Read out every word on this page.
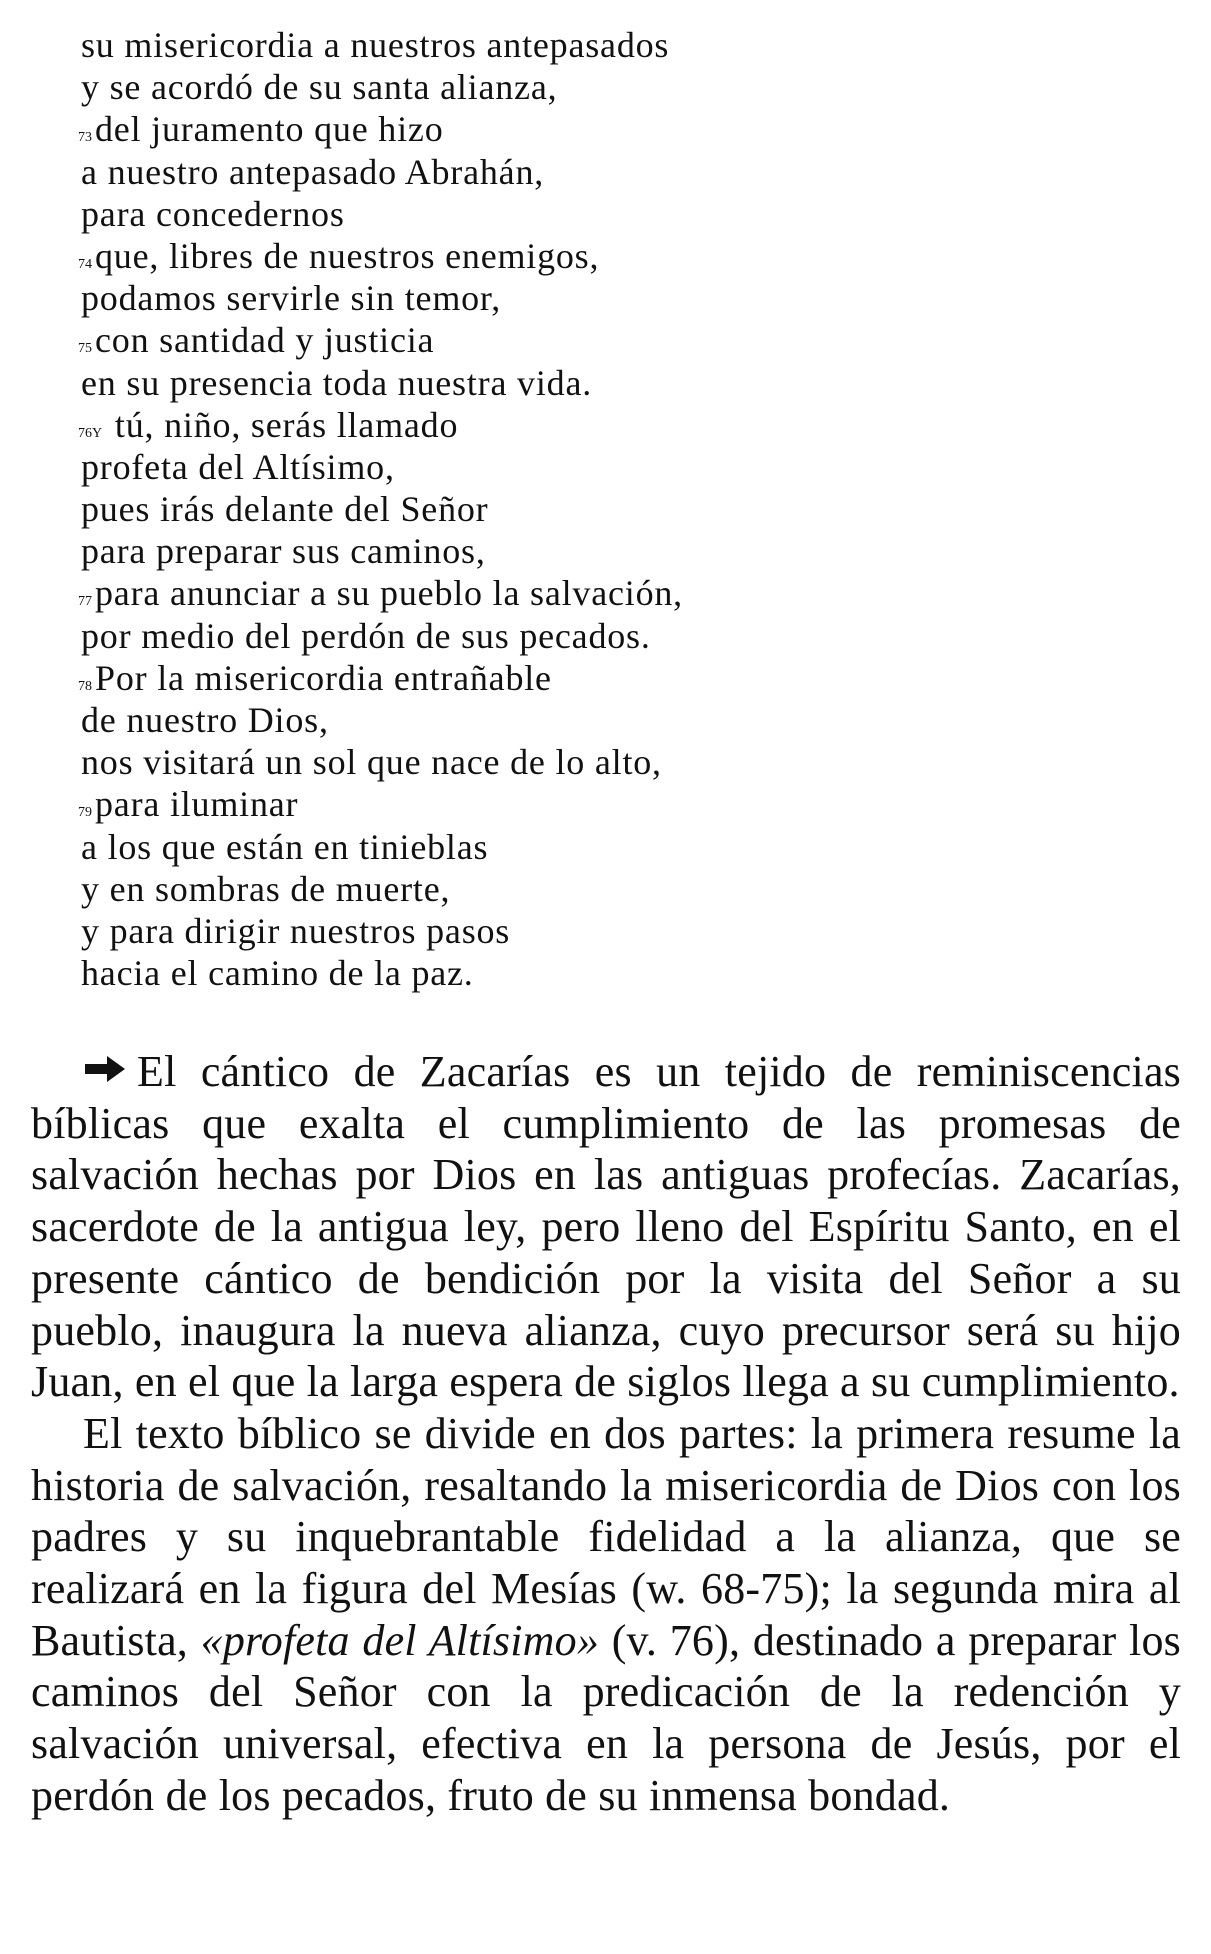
su misericordia a nuestros antepasados
y se acordó de su santa alianza,
73del juramento que hizo
a nuestro antepasado Abrahán,
para concedernos
74que, libres de nuestros enemigos,
podamos servirle sin temor,
75con santidad y justicia
en su presencia toda nuestra vida.
76Y tú, niño, serás llamado
profeta del Altísimo,
pues irás delante del Señor
para preparar sus caminos,
77para anunciar a su pueblo la salvación,
por medio del perdón de sus pecados.
78Por la misericordia entrañable
de nuestro Dios,
nos visitará un sol que nace de lo alto,
79para iluminar
a los que están en tinieblas
y en sombras de muerte,
y para dirigir nuestros pasos
hacia el camino de la paz.

El cántico de Zacarías es un tejido de reminiscencias bíblicas que exalta el cumplimiento de las promesas de salvación hechas por Dios en las antiguas profecías. Zacarías, sacerdote de la antigua ley, pero lleno del Espíritu Santo, en el presente cántico de bendición por la visita del Señor a su pueblo, inaugura la nueva alianza, cuyo precursor será su hijo Juan, en el que la larga espera de siglos llega a su cumplimiento.

El texto bíblico se divide en dos partes: la primera resume la historia de salvación, resaltando la misericordia de Dios con los padres y su inquebrantable fidelidad a la alianza, que se realizará en la figura del Mesías (w. 68-75); la segunda mira al Bautista, «profeta del Altísimo» (v. 76), destinado a preparar los caminos del Señor con la predicación de la redención y salvación universal, efectiva en la persona de Jesús, por el perdón de los pecados, fruto de su inmensa bondad.
